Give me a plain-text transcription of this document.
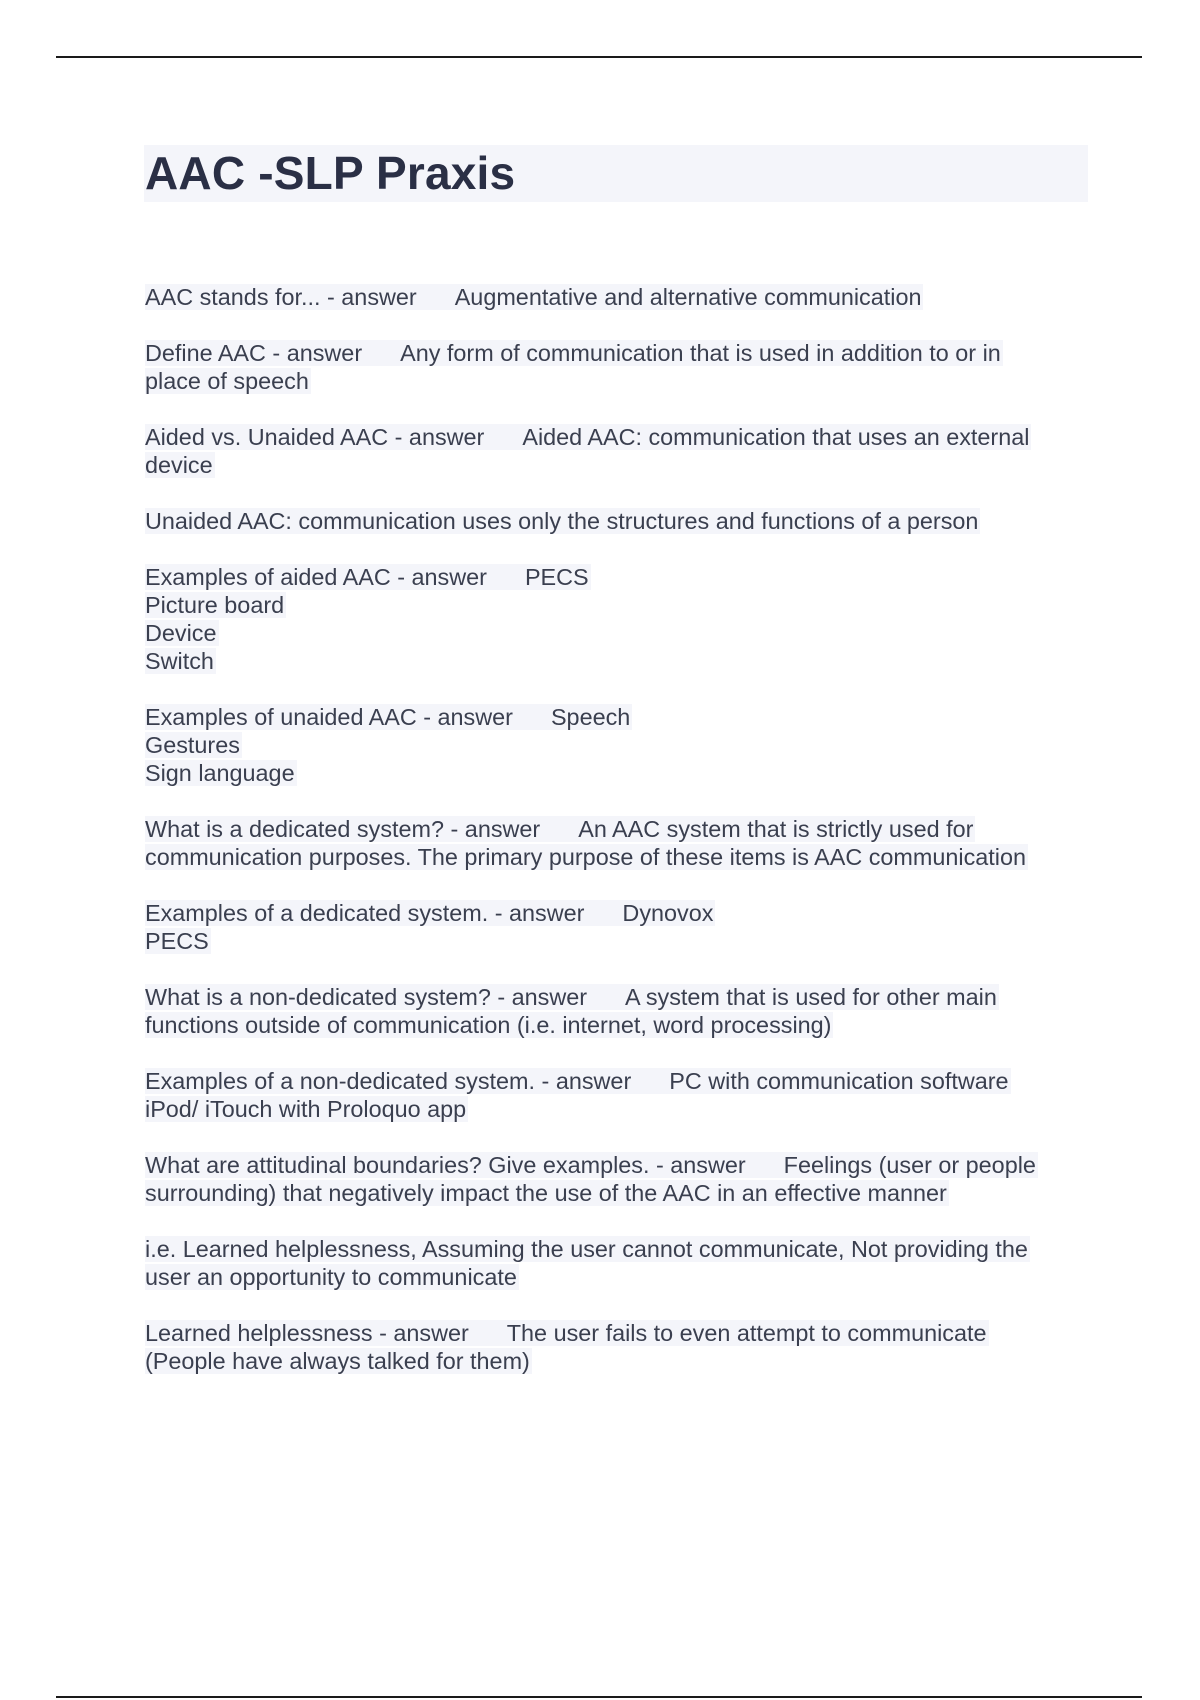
AAC -SLP Praxis
AAC stands for... - answer Augmentative and alternative communication
Define AAC - answer Any form of communication that is used in addition to or in
place of speech
Aided vs. Unaided AAC - answer Aided AAC: communication that uses an external
device
Unaided AAC: communication uses only the structures and functions of a person
Examples of aided AAC - answer PECS
Picture board
Device
Switch
Examples of unaided AAC - answer Speech
Gestures
Sign language
What is a dedicated system? - answer An AAC system that is strictly used for
communication purposes. The primary purpose of these items is AAC communication
Examples of a dedicated system. - answer Dynovox
PECS
What is a non-dedicated system? - answer A system that is used for other main
functions outside of communication (i.e. internet, word processing)
Examples of a non-dedicated system. - answer PC with communication software
iPod/ iTouch with Proloquo app
What are attitudinal boundaries? Give examples. - answer Feelings (user or people
surrounding) that negatively impact the use of the AAC in an effective manner
i.e. Learned helplessness, Assuming the user cannot communicate, Not providing the
user an opportunity to communicate
Learned helplessness - answer The user fails to even attempt to communicate
(People have always talked for them)
